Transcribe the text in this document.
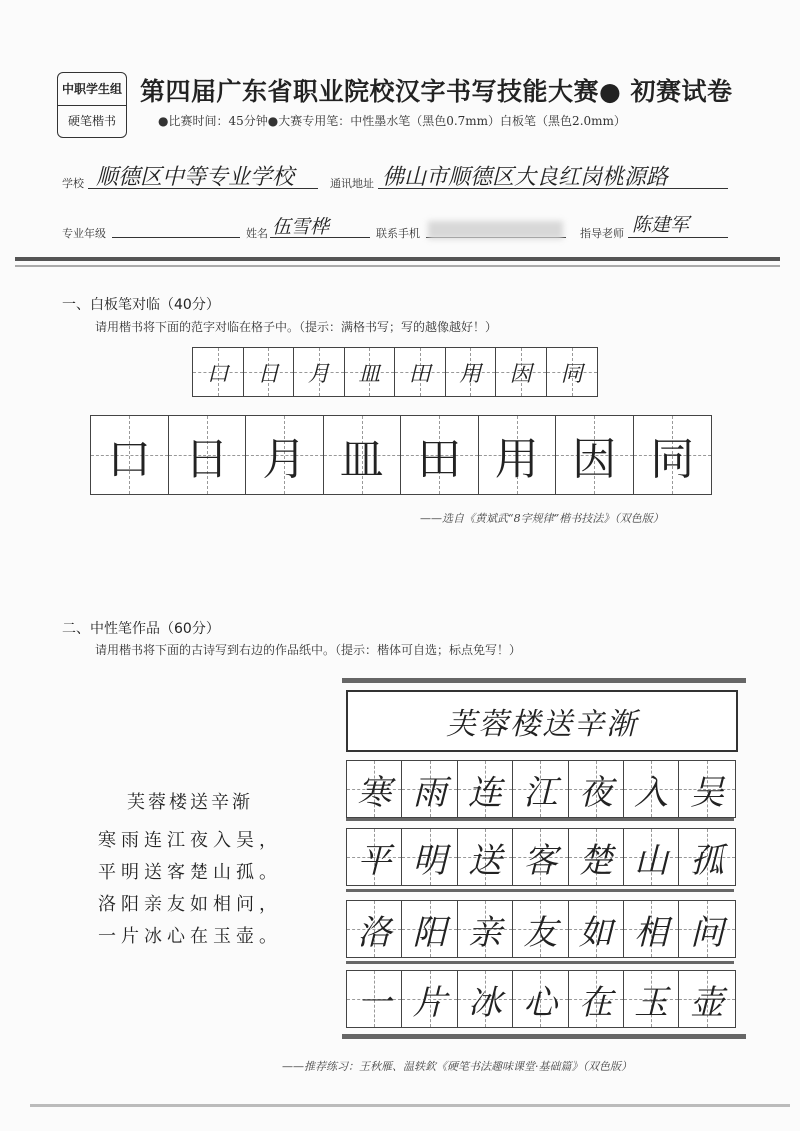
中职学生组
硬笔楷书
第四届广东省职业院校汉字书写技能大赛● 初赛试卷
●比赛时间：45分钟●大赛专用笔：中性墨水笔（黑色0.7mm）白板笔（黑色2.0mm）
学校 顺德区中等专业学校	通讯地址 佛山市顺德区大良红岗桃源路
专业年级	姓名 伍雪桦	联系手机	指导老师 陈建军
一、白板笔对临（40分）
请用楷书将下面的范字对临在格子中。（提示：满格书写；写的越像越好！）
口 日 月 皿 田 用 因 同
口 日 月 皿 田 用 因 同
——选自《黄斌武“8字规律”楷书技法》（双色版）
二、中性笔作品（60分）
请用楷书将下面的古诗写到右边的作品纸中。（提示：楷体可自选；标点免写！）
芙蓉楼送辛渐
寒雨连江夜入吴，
平明送客楚山孤。
洛阳亲友如相问，
一片冰心在玉壶。
芙蓉楼送辛渐
寒 雨 连 江 夜 入 吴
平 明 送 客 楚 山 孤
洛 阳 亲 友 如 相 问
一 片 冰 心 在 玉 壶
——推荐练习：王秋雁、温轶欽《硬笔书法趣味课堂·基础篇》（双色版）
